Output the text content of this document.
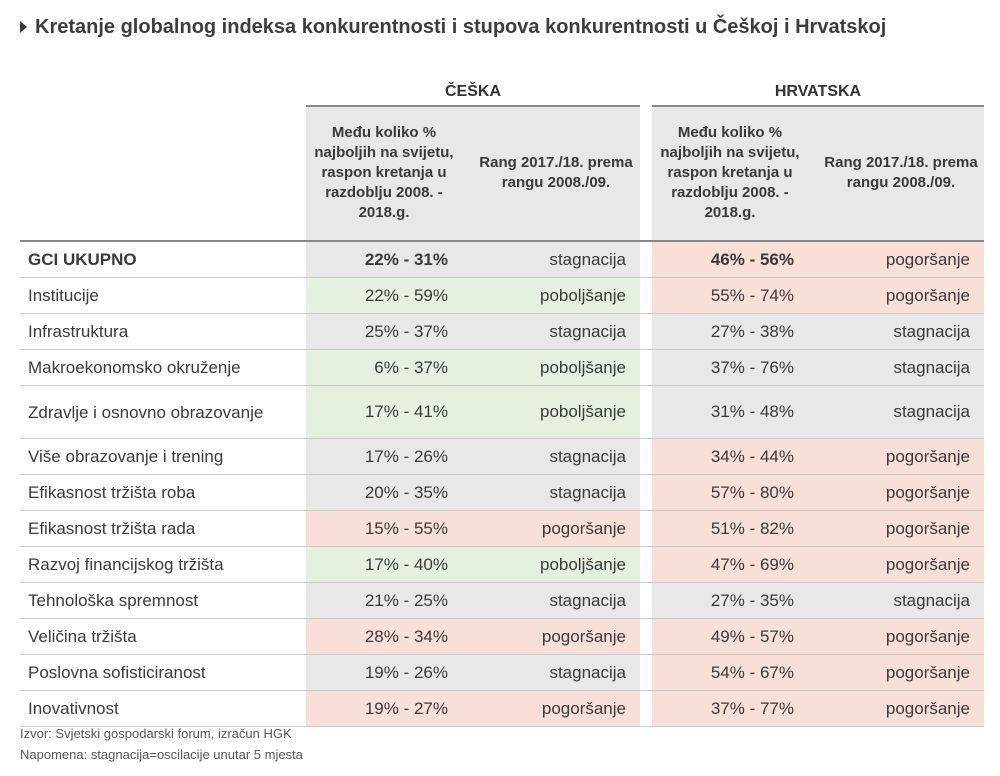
Kretanje globalnog indeksa konkurentnosti i stupova konkurentnosti u Češkoj i Hrvatskoj
ČEŠKA	HRVATSKA
Među koliko % najboljih na svijetu, raspon kretanja u razdoblju 2008. - 2018.g.
Rang 2017./18. prema rangu 2008./09.
Među koliko % najboljih na svijetu, raspon kretanja u razdoblju 2008. - 2018.g.
Rang 2017./18. prema rangu 2008./09.
GCI UKUPNO	22% - 31%	stagnacija	46% - 56%	pogoršanje
Institucije	22% - 59%	poboljšanje	55% - 74%	pogoršanje
Infrastruktura	25% - 37%	stagnacija	27% - 38%	stagnacija
Makroekonomsko okruženje	6% - 37%	poboljšanje	37% - 76%	stagnacija
Zdravlje i osnovno obrazovanje	17% - 41%	poboljšanje	31% - 48%	stagnacija
Više obrazovanje i trening	17% - 26%	stagnacija	34% - 44%	pogoršanje
Efikasnost tržišta roba	20% - 35%	stagnacija	57% - 80%	pogoršanje
Efikasnost tržišta rada	15% - 55%	pogoršanje	51% - 82%	pogoršanje
Razvoj financijskog tržišta	17% - 40%	poboljšanje	47% - 69%	pogoršanje
Tehnološka spremnost	21% - 25%	stagnacija	27% - 35%	stagnacija
Veličina tržišta	28% - 34%	pogoršanje	49% - 57%	pogoršanje
Poslovna sofisticiranost	19% - 26%	stagnacija	54% - 67%	pogoršanje
Inovativnost	19% - 27%	pogoršanje	37% - 77%	pogoršanje
Izvor: Svjetski gospodarski forum, izračun HGK
Napomena: stagnacija=oscilacije unutar 5 mjesta
